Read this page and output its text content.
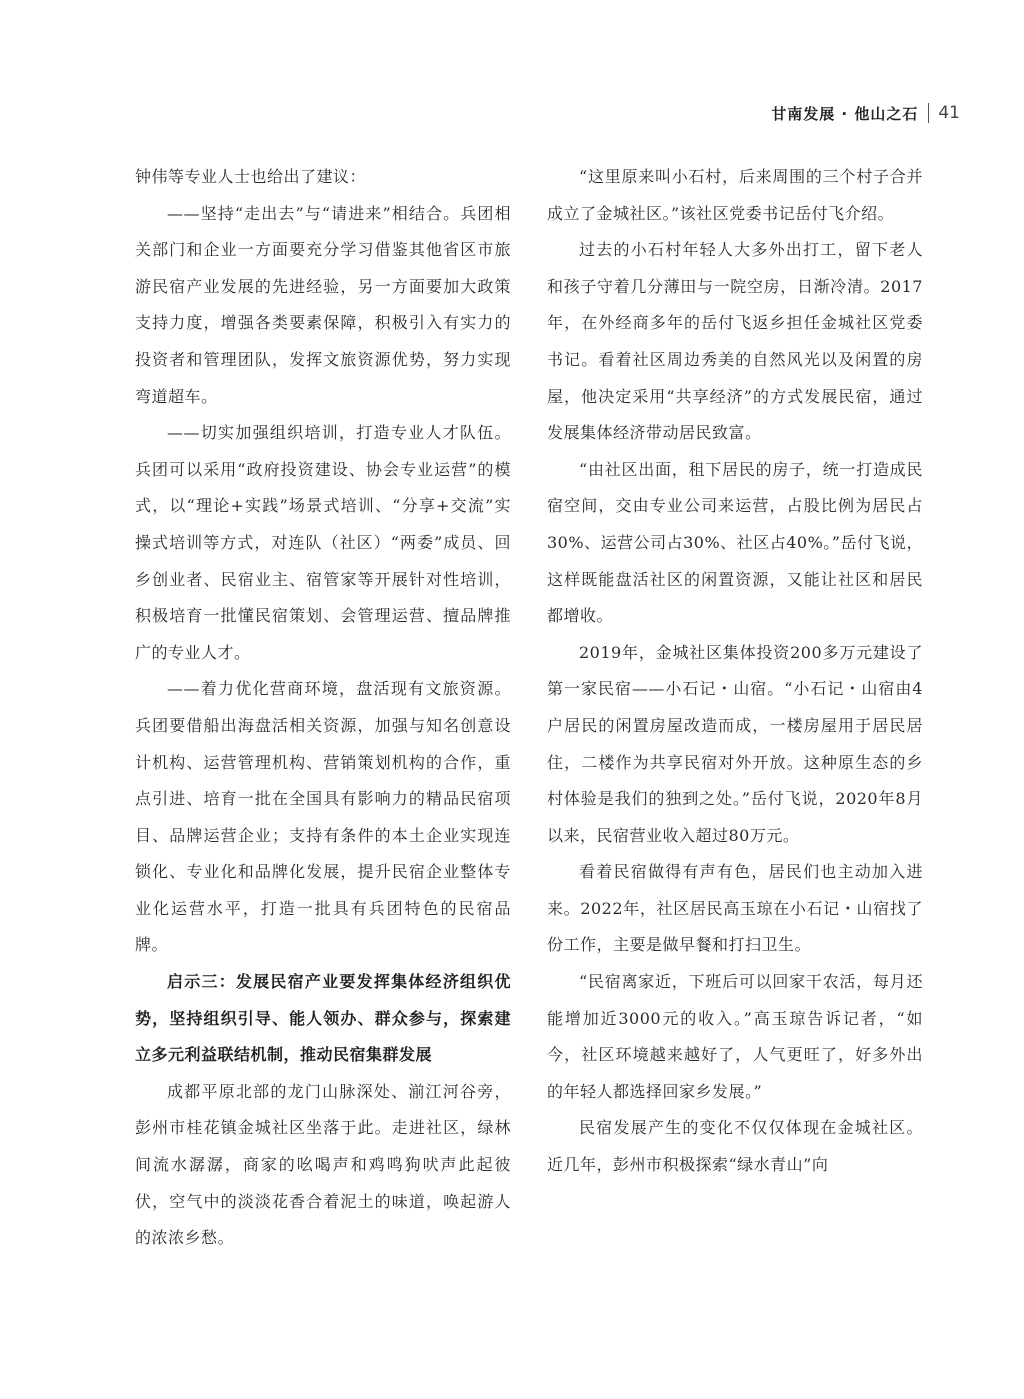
甘南发展 · 他山之石 41

钟伟等专业人士也给出了建议：

——坚持“走出去”与“请进来”相结合。兵团相关部门和企业一方面要充分学习借鉴其他省区市旅游民宿产业发展的先进经验，另一方面要加大政策支持力度，增强各类要素保障，积极引入有实力的投资者和管理团队，发挥文旅资源优势，努力实现弯道超车。

——切实加强组织培训，打造专业人才队伍。兵团可以采用“政府投资建设、协会专业运营”的模式，以“理论+实践”场景式培训、“分享+交流”实操式培训等方式，对连队（社区）“两委”成员、回乡创业者、民宿业主、宿管家等开展针对性培训，积极培育一批懂民宿策划、会管理运营、擅品牌推广的专业人才。

——着力优化营商环境，盘活现有文旅资源。兵团要借船出海盘活相关资源，加强与知名创意设计机构、运营管理机构、营销策划机构的合作，重点引进、培育一批在全国具有影响力的精品民宿项目、品牌运营企业；支持有条件的本土企业实现连锁化、专业化和品牌化发展，提升民宿企业整体专业化运营水平，打造一批具有兵团特色的民宿品牌。

启示三：发展民宿产业要发挥集体经济组织优势，坚持组织引导、能人领办、群众参与，探索建立多元利益联结机制，推动民宿集群发展

成都平原北部的龙门山脉深处、湔江河谷旁，彭州市桂花镇金城社区坐落于此。走进社区，绿林间流水潺潺，商家的吆喝声和鸡鸣狗吠声此起彼伏，空气中的淡淡花香合着泥土的味道，唤起游人的浓浓乡愁。

“这里原来叫小石村，后来周围的三个村子合并成立了金城社区。”该社区党委书记岳付飞介绍。

过去的小石村年轻人大多外出打工，留下老人和孩子守着几分薄田与一院空房，日渐冷清。2017年，在外经商多年的岳付飞返乡担任金城社区党委书记。看着社区周边秀美的自然风光以及闲置的房屋，他决定采用“共享经济”的方式发展民宿，通过发展集体经济带动居民致富。

“由社区出面，租下居民的房子，统一打造成民宿空间，交由专业公司来运营，占股比例为居民占30%、运营公司占30%、社区占40%。”岳付飞说，这样既能盘活社区的闲置资源，又能让社区和居民都增收。

2019年，金城社区集体投资200多万元建设了第一家民宿——小石记・山宿。“小石记・山宿由4户居民的闲置房屋改造而成，一楼房屋用于居民居住，二楼作为共享民宿对外开放。这种原生态的乡村体验是我们的独到之处。”岳付飞说，2020年8月以来，民宿营业收入超过80万元。

看着民宿做得有声有色，居民们也主动加入进来。2022年，社区居民高玉琼在小石记・山宿找了份工作，主要是做早餐和打扫卫生。

“民宿离家近，下班后可以回家干农活，每月还能增加近3000元的收入。”高玉琼告诉记者，“如今，社区环境越来越好了，人气更旺了，好多外出的年轻人都选择回家乡发展。”

民宿发展产生的变化不仅仅体现在金城社区。近几年，彭州市积极探索“绿水青山”向
